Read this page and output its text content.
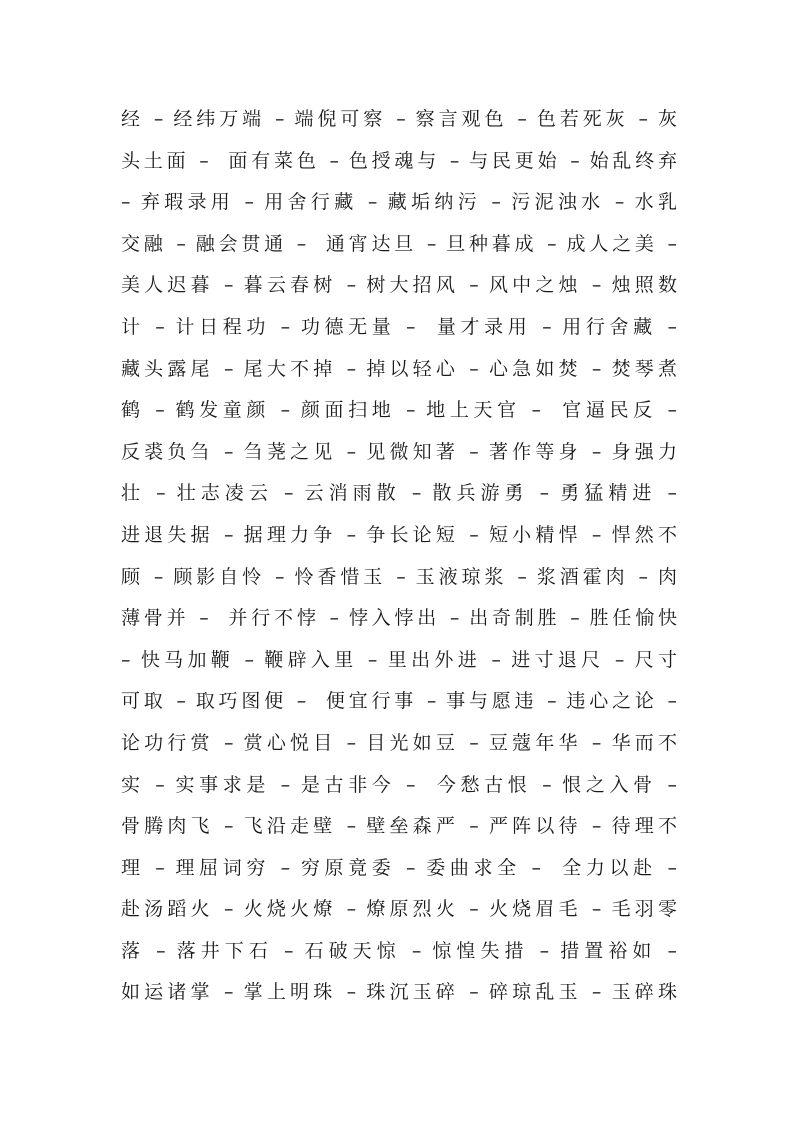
经 – 经纬万端 – 端倪可察 – 察言观色 – 色若死灰 – 灰
头土面 –  面有菜色 – 色授魂与 – 与民更始 – 始乱终弃
– 弃瑕录用 – 用舍行藏 – 藏垢纳污 – 污泥浊水 – 水乳
交融 – 融会贯通 –  通宵达旦 – 旦种暮成 – 成人之美 –
美人迟暮 – 暮云春树 – 树大招风 – 风中之烛 – 烛照数
计 – 计日程功 – 功德无量 –  量才录用 – 用行舍藏 –
藏头露尾 – 尾大不掉 – 掉以轻心 – 心急如焚 – 焚琴煮
鹤 – 鹤发童颜 – 颜面扫地 – 地上天官 –  官逼民反 –
反裘负刍 – 刍荛之见 – 见微知著 – 著作等身 – 身强力
壮 – 壮志凌云 – 云消雨散 – 散兵游勇 – 勇猛精进 –
进退失据 – 据理力争 – 争长论短 – 短小精悍 – 悍然不
顾 – 顾影自怜 – 怜香惜玉 – 玉液琼浆 – 浆酒霍肉 – 肉
薄骨并 –  并行不悖 – 悖入悖出 – 出奇制胜 – 胜任愉快
– 快马加鞭 – 鞭辟入里 – 里出外进 – 进寸退尺 – 尺寸
可取 – 取巧图便 –  便宜行事 – 事与愿违 – 违心之论 –
论功行赏 – 赏心悦目 – 目光如豆 – 豆蔻年华 – 华而不
实 – 实事求是 – 是古非今 –  今愁古恨 – 恨之入骨 –
骨腾肉飞 – 飞沿走壁 – 壁垒森严 – 严阵以待 – 待理不
理 – 理屈词穷 – 穷原竟委 – 委曲求全 –  全力以赴 –
赴汤蹈火 – 火烧火燎 – 燎原烈火 – 火烧眉毛 – 毛羽零
落 – 落井下石 – 石破天惊 – 惊惶失措 – 措置裕如 –
如运诸掌 – 掌上明珠 – 珠沉玉碎 – 碎琼乱玉 – 玉碎珠
